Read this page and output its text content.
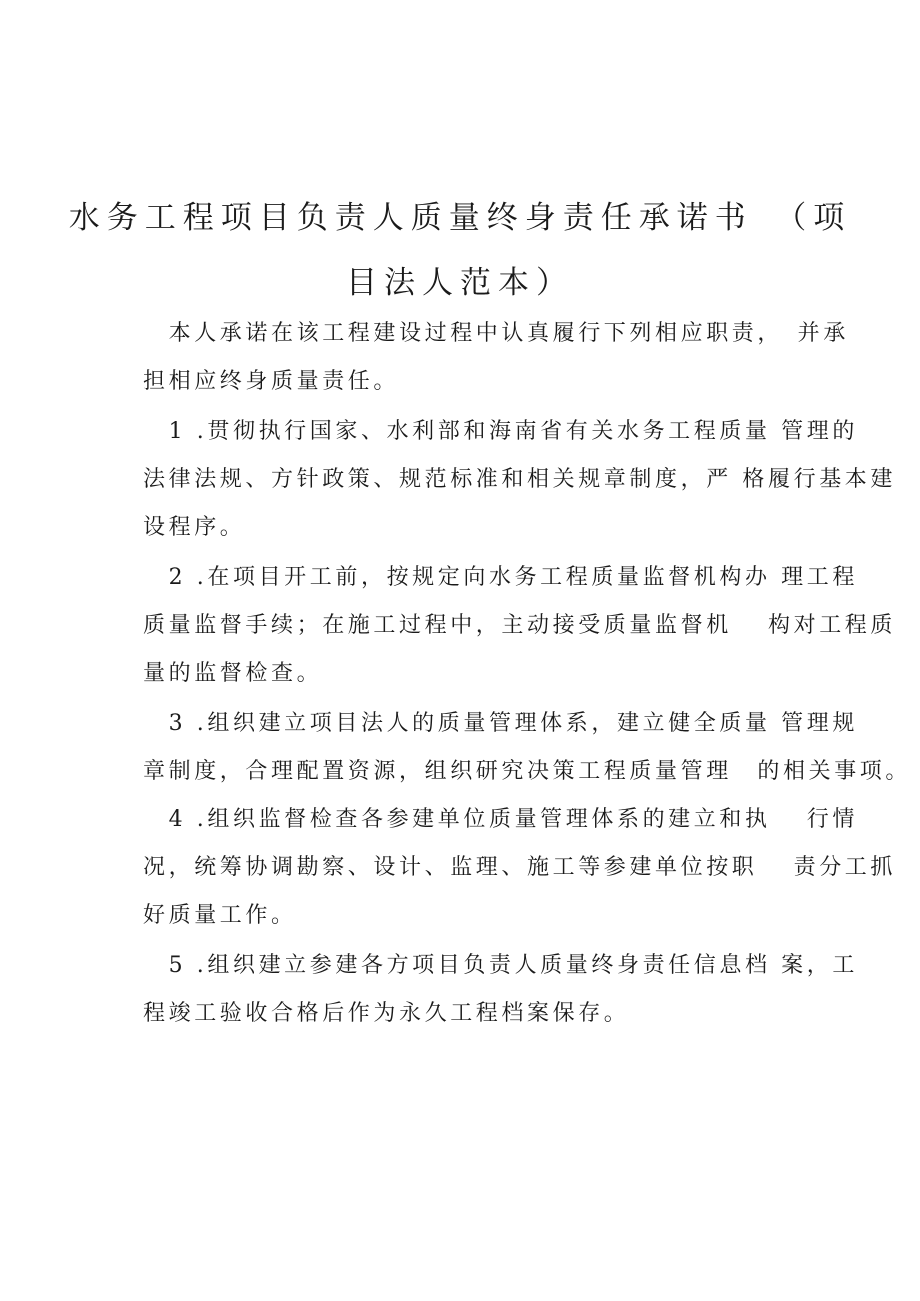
水务工程项目负责人质量终身责任承诺书　（项
目法人范本）
　本人承诺在该工程建设过程中认真履行下列相应职责，　并承
担相应终身质量责任。
　1 .贯彻执行国家、水利部和海南省有关水务工程质量 管理的
法律法规、方针政策、规范标准和相关规章制度，严 格履行基本建
设程序。
　2 .在项目开工前，按规定向水务工程质量监督机构办 理工程
质量监督手续；在施工过程中，主动接受质量监督机　 构对工程质
量的监督检查。
　3 .组织建立项目法人的质量管理体系，建立健全质量 管理规
章制度，合理配置资源，组织研究决策工程质量管理　的相关事项。
　4 .组织监督检查各参建单位质量管理体系的建立和执　 行情
况，统筹协调勘察、设计、监理、施工等参建单位按职　 责分工抓
好质量工作。
　5 .组织建立参建各方项目负责人质量终身责任信息档 案，工
程竣工验收合格后作为永久工程档案保存。
